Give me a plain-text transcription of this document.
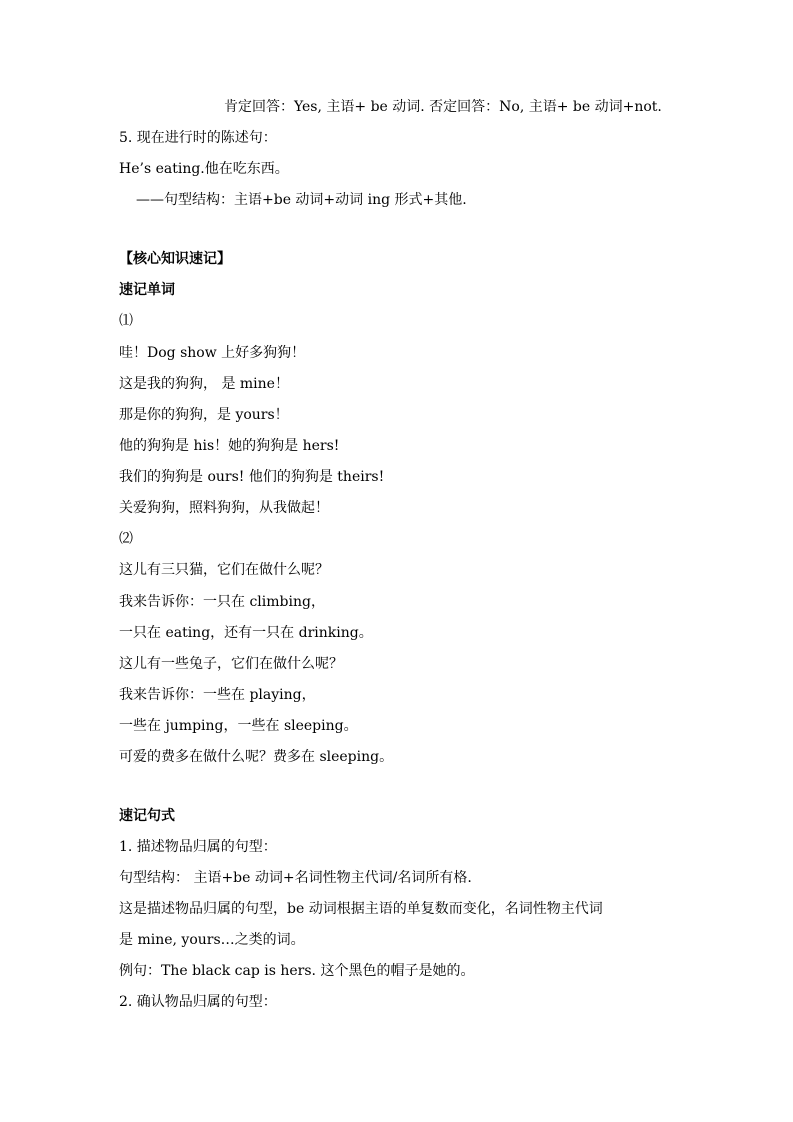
肯定回答：Yes, 主语+ be 动词. 否定回答：No, 主语+ be 动词+not.
5. 现在进行时的陈述句：
He’s eating.他在吃东西。
——句型结构：主语+be 动词+动词 ing 形式+其他.
【核心知识速记】
速记单词
⑴
哇！Dog show 上好多狗狗！
这是我的狗狗， 是 mine！
那是你的狗狗，是 yours！
他的狗狗是 his！她的狗狗是 hers!
我们的狗狗是 ours! 他们的狗狗是 theirs!
关爱狗狗，照料狗狗，从我做起！
⑵
这儿有三只猫，它们在做什么呢？
我来告诉你：一只在 climbing，
一只在 eating，还有一只在 drinking。
这儿有一些兔子，它们在做什么呢？
我来告诉你：一些在 playing，
一些在 jumping，一些在 sleeping。
可爱的费多在做什么呢？费多在 sleeping。
速记句式
1. 描述物品归属的句型：
句型结构： 主语+be 动词+名词性物主代词/名词所有格.
这是描述物品归属的句型，be 动词根据主语的单复数而变化，名词性物主代词
是 mine, yours…之类的词。
例句：The black cap is hers. 这个黑色的帽子是她的。
2. 确认物品归属的句型：
